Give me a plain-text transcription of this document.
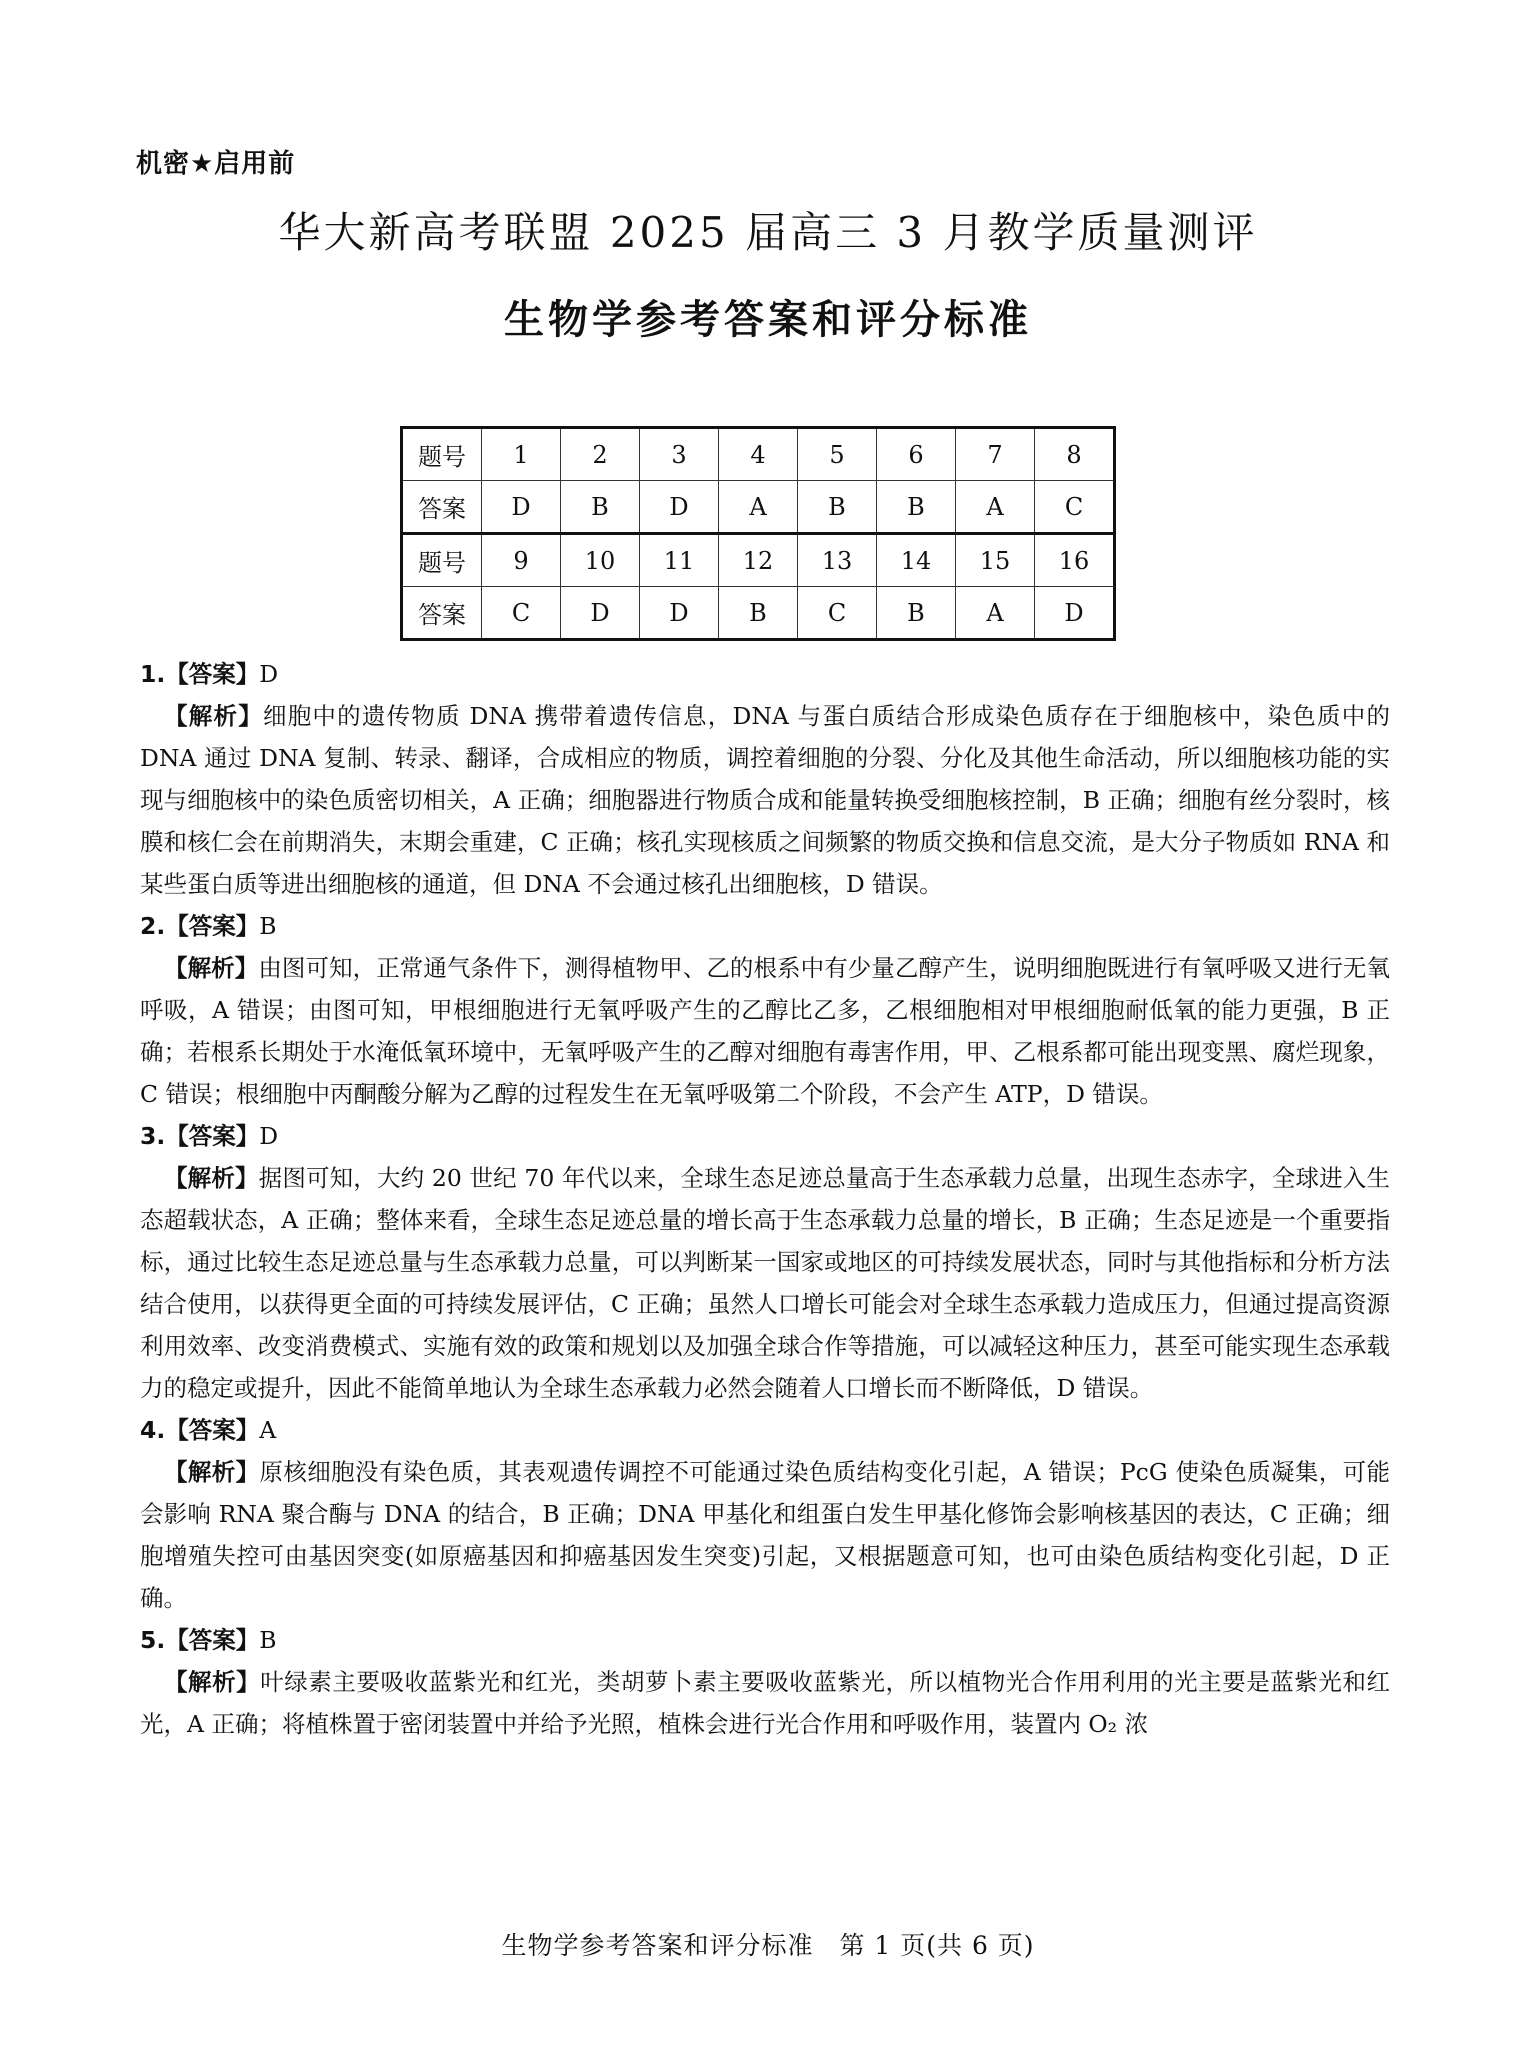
机密★启用前
华大新高考联盟 2025 届高三 3 月教学质量测评
生物学参考答案和评分标准
题号	1	2	3	4	5	6	7	8
答案	D	B	D	A	B	B	A	C
题号	9	10	11	12	13	14	15	16
答案	C	D	D	B	C	B	A	D

1.【答案】D

【解析】细胞中的遗传物质 DNA 携带着遗传信息，DNA 与蛋白质结合形成染色质存在于细胞核中，染色质中的 DNA 通过 DNA 复制、转录、翻译，合成相应的物质，调控着细胞的分裂、分化及其他生命活动，所以细胞核功能的实现与细胞核中的染色质密切相关，A 正确；细胞器进行物质合成和能量转换受细胞核控制，B 正确；细胞有丝分裂时，核膜和核仁会在前期消失，末期会重建，C 正确；核孔实现核质之间频繁的物质交换和信息交流，是大分子物质如 RNA 和某些蛋白质等进出细胞核的通道，但 DNA 不会通过核孔出细胞核，D 错误。

2.【答案】B

【解析】由图可知，正常通气条件下，测得植物甲、乙的根系中有少量乙醇产生，说明细胞既进行有氧呼吸又进行无氧呼吸，A 错误；由图可知，甲根细胞进行无氧呼吸产生的乙醇比乙多，乙根细胞相对甲根细胞耐低氧的能力更强，B 正确；若根系长期处于水淹低氧环境中，无氧呼吸产生的乙醇对细胞有毒害作用，甲、乙根系都可能出现变黑、腐烂现象，C 错误；根细胞中丙酮酸分解为乙醇的过程发生在无氧呼吸第二个阶段，不会产生 ATP，D 错误。

3.【答案】D

【解析】据图可知，大约 20 世纪 70 年代以来，全球生态足迹总量高于生态承载力总量，出现生态赤字，全球进入生态超载状态，A 正确；整体来看，全球生态足迹总量的增长高于生态承载力总量的增长，B 正确；生态足迹是一个重要指标，通过比较生态足迹总量与生态承载力总量，可以判断某一国家或地区的可持续发展状态，同时与其他指标和分析方法结合使用，以获得更全面的可持续发展评估，C 正确；虽然人口增长可能会对全球生态承载力造成压力，但通过提高资源利用效率、改变消费模式、实施有效的政策和规划以及加强全球合作等措施，可以减轻这种压力，甚至可能实现生态承载力的稳定或提升，因此不能简单地认为全球生态承载力必然会随着人口增长而不断降低，D 错误。

4.【答案】A

【解析】原核细胞没有染色质，其表观遗传调控不可能通过染色质结构变化引起，A 错误；PcG 使染色质凝集，可能会影响 RNA 聚合酶与 DNA 的结合，B 正确；DNA 甲基化和组蛋白发生甲基化修饰会影响核基因的表达，C 正确；细胞增殖失控可由基因突变(如原癌基因和抑癌基因发生突变)引起，又根据题意可知，也可由染色质结构变化引起，D 正确。

5.【答案】B

【解析】叶绿素主要吸收蓝紫光和红光，类胡萝卜素主要吸收蓝紫光，所以植物光合作用利用的光主要是蓝紫光和红光，A 正确；将植株置于密闭装置中并给予光照，植株会进行光合作用和呼吸作用，装置内 O₂ 浓

生物学参考答案和评分标准　第 1 页(共 6 页)
